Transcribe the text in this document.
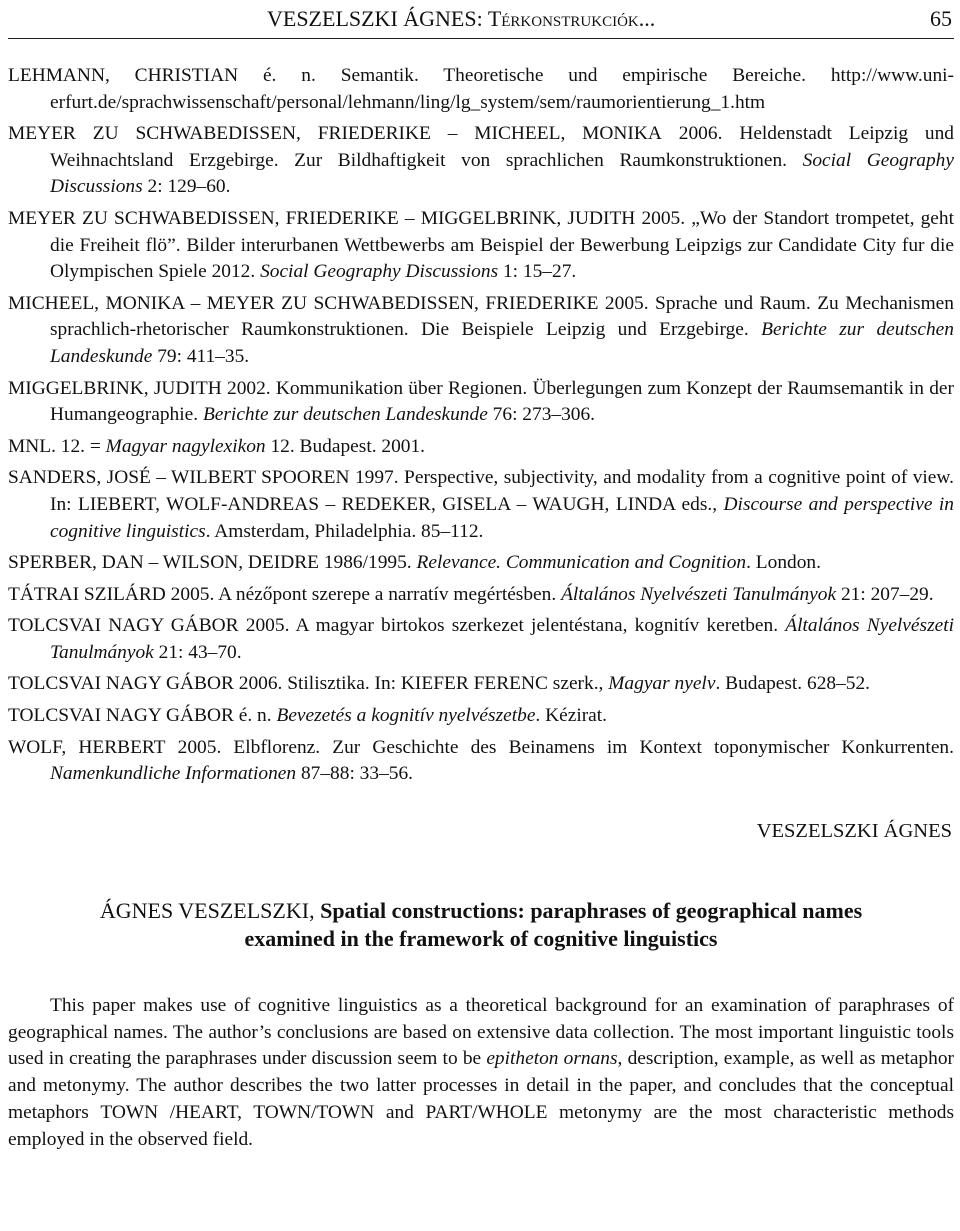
VESZELSZKI ÁGNES: Térkonstrukciók...	65

LEHMANN, CHRISTIAN é. n. Semantik. Theoretische und empirische Bereiche. http://www.uni-erfurt.de/sprachwissenschaft/personal/lehmann/ling/lg_system/sem/raumorientierung_1.htm

MEYER ZU SCHWABEDISSEN, FRIEDERIKE – MICHEEL, MONIKA 2006. Heldenstadt Leipzig und Weihnachtsland Erzgebirge. Zur Bildhaftigkeit von sprachlichen Raumkonstruktionen. Social Geography Discussions 2: 129–60.

MEYER ZU SCHWABEDISSEN, FRIEDERIKE – MIGGELBRINK, JUDITH 2005. „Wo der Standort trompetet, geht die Freiheit flö”. Bilder interurbanen Wettbewerbs am Beispiel der Bewerbung Leipzigs zur Candidate City fur die Olympischen Spiele 2012. Social Geography Discussions 1: 15–27.

MICHEEL, MONIKA – MEYER ZU SCHWABEDISSEN, FRIEDERIKE 2005. Sprache und Raum. Zu Mechanismen sprachlich-rhetorischer Raumkonstruktionen. Die Beispiele Leipzig und Erzgebirge. Berichte zur deutschen Landeskunde 79: 411–35.

MIGGELBRINK, JUDITH 2002. Kommunikation über Regionen. Überlegungen zum Konzept der Raumsemantik in der Humangeographie. Berichte zur deutschen Landeskunde 76: 273–306.

MNL. 12. = Magyar nagylexikon 12. Budapest. 2001.

SANDERS, JOSÉ – WILBERT SPOOREN 1997. Perspective, subjectivity, and modality from a cognitive point of view. In: LIEBERT, WOLF-ANDREAS – REDEKER, GISELA – WAUGH, LINDA eds., Discourse and perspective in cognitive linguistics. Amsterdam, Philadelphia. 85–112.

SPERBER, DAN – WILSON, DEIDRE 1986/1995. Relevance. Communication and Cognition. London.

TÁTRAI SZILÁRD 2005. A nézőpont szerepe a narratív megértésben. Általános Nyelvészeti Tanulmányok 21: 207–29.

TOLCSVAI NAGY GÁBOR 2005. A magyar birtokos szerkezet jelentéstana, kognitív keretben. Általános Nyelvészeti Tanulmányok 21: 43–70.

TOLCSVAI NAGY GÁBOR 2006. Stilisztika. In: KIEFER FERENC szerk., Magyar nyelv. Budapest. 628–52.

TOLCSVAI NAGY GÁBOR é. n. Bevezetés a kognitív nyelvészetbe. Kézirat.

WOLF, HERBERT 2005. Elbflorenz. Zur Geschichte des Beinamens im Kontext toponymischer Konkurrenten. Namenkundliche Informationen 87–88: 33–56.

VESZELSZKI ÁGNES
ÁGNES VESZELSZKI, Spatial constructions: paraphrases of geographical names
examined in the framework of cognitive linguistics

This paper makes use of cognitive linguistics as a theoretical background for an examination of paraphrases of geographical names. The author’s conclusions are based on extensive data collection. The most important linguistic tools used in creating the paraphrases under discussion seem to be epitheton ornans, description, example, as well as metaphor and metonymy. The author describes the two latter processes in detail in the paper, and concludes that the conceptual metaphors TOWN /HEART, TOWN/TOWN and PART/WHOLE metonymy are the most characteristic methods employed in the observed field.
